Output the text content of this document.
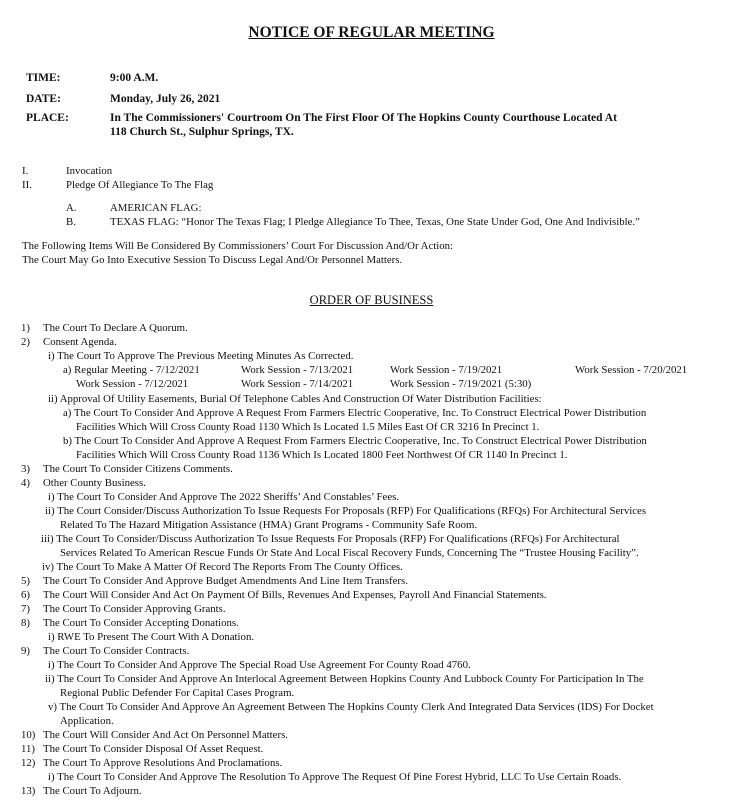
NOTICE OF REGULAR MEETING
TIME:	9:00 A.M.
DATE:	Monday, July 26, 2021
PLACE:	In The Commissioners' Courtroom On The First Floor Of The Hopkins County Courthouse Located At
118 Church St., Sulphur Springs, TX.
I.	Invocation
II.	Pledge Of Allegiance To The Flag
A.	AMERICAN FLAG:
B.	TEXAS FLAG: “Honor The Texas Flag; I Pledge Allegiance To Thee, Texas, One State Under God, One And Indivisible.”
The Following Items Will Be Considered By Commissioners’ Court For Discussion And/Or Action:
The Court May Go Into Executive Session To Discuss Legal And/Or Personnel Matters.
ORDER OF BUSINESS
1) The Court To Declare A Quorum.
2) Consent Agenda.
i) The Court To Approve The Previous Meeting Minutes As Corrected.
a) Regular Meeting - 7/12/2021	Work Session - 7/13/2021	Work Session - 7/19/2021	Work Session - 7/20/2021
Work Session - 7/12/2021	Work Session - 7/14/2021	Work Session - 7/19/2021 (5:30)
ii) Approval Of Utility Easements, Burial Of Telephone Cables And Construction Of Water Distribution Facilities:
a) The Court To Consider And Approve A Request From Farmers Electric Cooperative, Inc. To Construct Electrical Power Distribution
Facilities Which Will Cross County Road 1130 Which Is Located 1.5 Miles East Of CR 3216 In Precinct 1.
b) The Court To Consider And Approve A Request From Farmers Electric Cooperative, Inc. To Construct Electrical Power Distribution
Facilities Which Will Cross County Road 1136 Which Is Located 1800 Feet Northwest Of CR 1140 In Precinct 1.
3) The Court To Consider Citizens Comments.
4) Other County Business.
i) The Court To Consider And Approve The 2022 Sheriffs’ And Constables’ Fees.
ii) The Court Consider/Discuss Authorization To Issue Requests For Proposals (RFP) For Qualifications (RFQs) For Architectural Services
Related To The Hazard Mitigation Assistance (HMA) Grant Programs - Community Safe Room.
iii) The Court To Consider/Discuss Authorization To Issue Requests For Proposals (RFP) For Qualifications (RFQs) For Architectural
Services Related To American Rescue Funds Or State And Local Fiscal Recovery Funds, Concerning The “Trustee Housing Facility”.
iv) The Court To Make A Matter Of Record The Reports From The County Offices.
5) The Court To Consider And Approve Budget Amendments And Line Item Transfers.
6) The Court Will Consider And Act On Payment Of Bills, Revenues And Expenses, Payroll And Financial Statements.
7) The Court To Consider Approving Grants.
8) The Court To Consider Accepting Donations.
i) RWE To Present The Court With A Donation.
9) The Court To Consider Contracts.
i) The Court To Consider And Approve The Special Road Use Agreement For County Road 4760.
ii) The Court To Consider And Approve An Interlocal Agreement Between Hopkins County And Lubbock County For Participation In The
Regional Public Defender For Capital Cases Program.
v) The Court To Consider And Approve An Agreement Between The Hopkins County Clerk And Integrated Data Services (IDS) For Docket
Application.
10) The Court Will Consider And Act On Personnel Matters.
11) The Court To Consider Disposal Of Asset Request.
12) The Court To Approve Resolutions And Proclamations.
i) The Court To Consider And Approve The Resolution To Approve The Request Of Pine Forest Hybrid, LLC To Use Certain Roads.
13) The Court To Adjourn.
